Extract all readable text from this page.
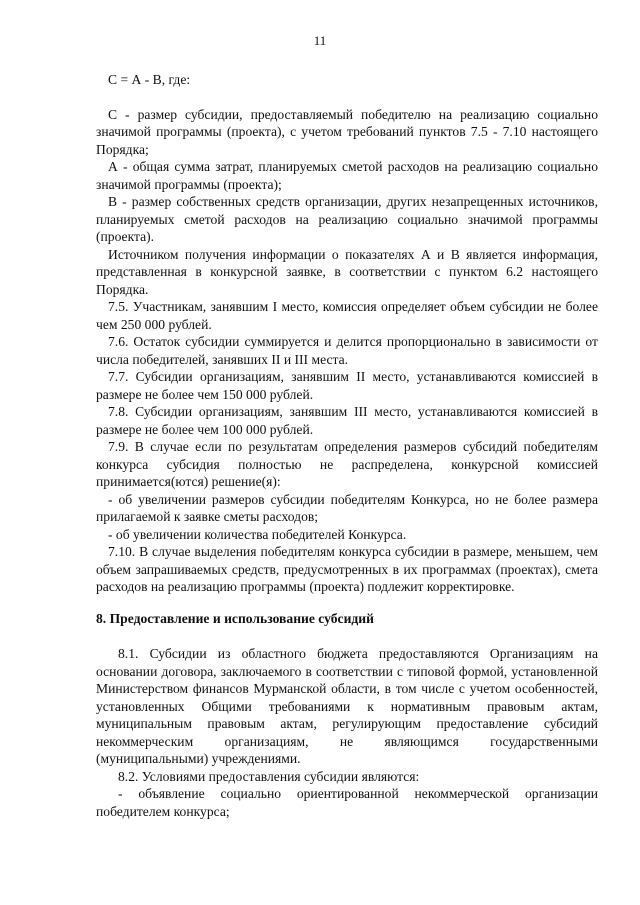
11

С = А - В, где:

С - размер субсидии, предоставляемый победителю на реализацию социально значимой программы (проекта), с учетом требований пунктов 7.5 - 7.10 настоящего Порядка;

А - общая сумма затрат, планируемых сметой расходов на реализацию социально значимой программы (проекта);

В - размер собственных средств организации, других незапрещенных источников, планируемых сметой расходов на реализацию социально значимой программы (проекта).

Источником получения информации о показателях А и В является информация, представленная в конкурсной заявке, в соответствии с пунктом 6.2 настоящего Порядка.

7.5. Участникам, занявшим I место, комиссия определяет объем субсидии не более чем 250 000 рублей.

7.6. Остаток субсидии суммируется и делится пропорционально в зависимости от числа победителей, занявших II и III места.

7.7. Субсидии организациям, занявшим II место, устанавливаются комиссией в размере не более чем 150 000 рублей.

7.8. Субсидии организациям, занявшим III место, устанавливаются комиссией в размере не более чем 100 000 рублей.

7.9. В случае если по результатам определения размеров субсидий победителям конкурса субсидия полностью не распределена, конкурсной комиссией принимается(ются) решение(я):

- об увеличении размеров субсидии победителям Конкурса, но не более размера прилагаемой к заявке сметы расходов;

- об увеличении количества победителей Конкурса.

7.10. В случае выделения победителям конкурса субсидии в размере, меньшем, чем объем запрашиваемых средств, предусмотренных в их программах (проектах), смета расходов на реализацию программы (проекта) подлежит корректировке.

8. Предоставление и использование субсидий

8.1. Субсидии из областного бюджета предоставляются Организациям на основании договора, заключаемого в соответствии с типовой формой, установленной Министерством финансов Мурманской области, в том числе с учетом особенностей, установленных Общими требованиями к нормативным правовым актам, муниципальным правовым актам, регулирующим предоставление субсидий некоммерческим организациям, не являющимся государственными (муниципальными) учреждениями.

8.2. Условиями предоставления субсидии являются:

- объявление социально ориентированной некоммерческой организации победителем конкурса;
